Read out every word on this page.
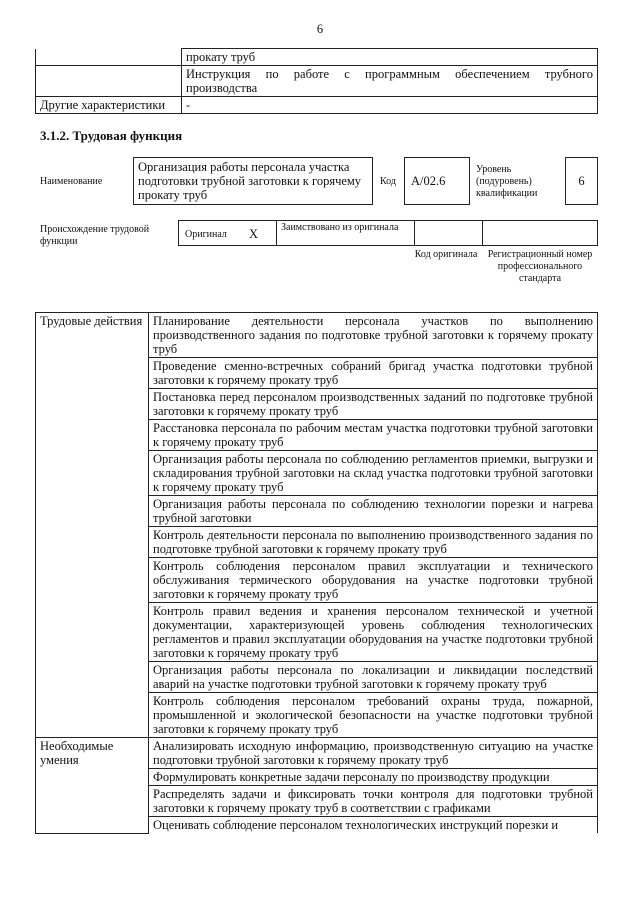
6
	прокату труб
	Инструкция по работе с программным обеспечением трубного производства
Другие характеристики	-
3.1.2. Трудовая функция
Наименование
Организация работы персонала участка подготовки трубной заготовки к горячему прокату труб
Код	А/02.6
Уровень (подуровень) квалификации
6
Происхождение трудовой функции
Оригинал X Заимствовано из оригинала
Код оригинала	Регистрационный номер профессионального стандарта
Трудовые действия	Планирование деятельности персонала участков по выполнению производственного задания по подготовке трубной заготовки к горячему прокату труб
	Проведение сменно-встречных собраний бригад участка подготовки трубной заготовки к горячему прокату труб
	Постановка перед персоналом производственных заданий по подготовке трубной заготовки к горячему прокату труб
	Расстановка персонала по рабочим местам участка подготовки трубной заготовки к горячему прокату труб
	Организация работы персонала по соблюдению регламентов приемки, выгрузки и складирования трубной заготовки на склад участка подготовки трубной заготовки к горячему прокату труб
	Организация работы персонала по соблюдению технологии порезки и нагрева трубной заготовки
	Контроль деятельности персонала по выполнению производственного задания по подготовке трубной заготовки к горячему прокату труб
	Контроль соблюдения персоналом правил эксплуатации и технического обслуживания термического оборудования на участке подготовки трубной заготовки к горячему прокату труб
	Контроль правил ведения и хранения персоналом технической и учетной документации, характеризующей уровень соблюдения технологических регламентов и правил эксплуатации оборудования на участке подготовки трубной заготовки к горячему прокату труб
	Организация работы персонала по локализации и ликвидации последствий аварий на участке подготовки трубной заготовки к горячему прокату труб
	Контроль соблюдения персоналом требований охраны труда, пожарной, промышленной и экологической безопасности на участке подготовки трубной заготовки к горячему прокату труб
Необходимые умения	Анализировать исходную информацию, производственную ситуацию на участке подготовки трубной заготовки к горячему прокату труб
	Формулировать конкретные задачи персоналу по производству продукции
	Распределять задачи и фиксировать точки контроля для подготовки трубной заготовки к горячему прокату труб в соответствии с графиками
	Оценивать соблюдение персоналом технологических инструкций порезки и
